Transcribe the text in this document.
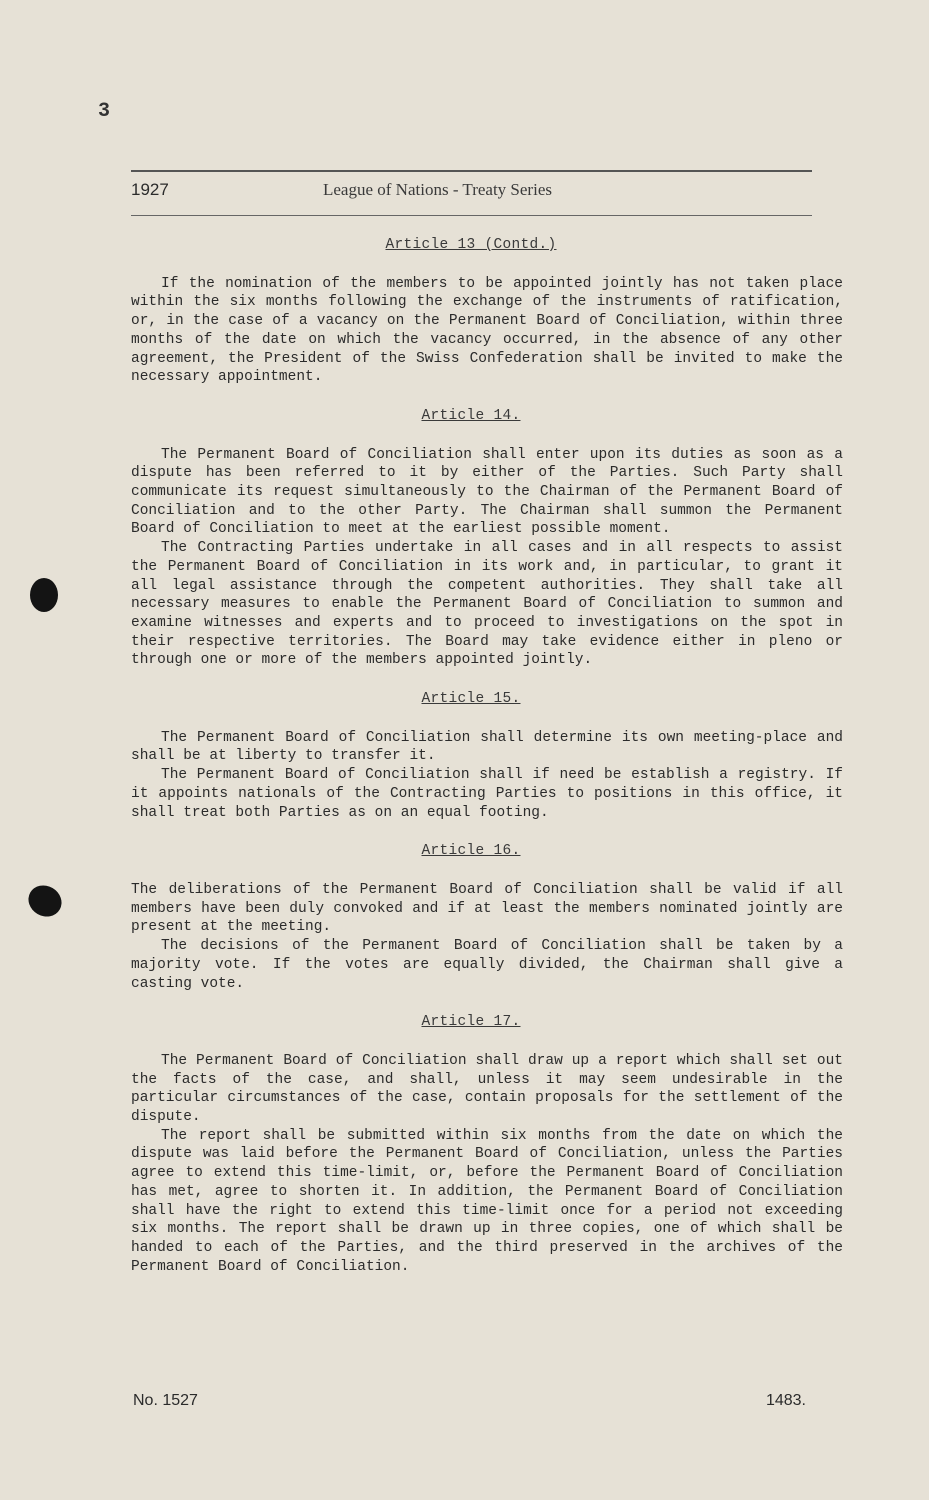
3
1927	League of Nations - Treaty Series
Article 13 (Contd.)

If the nomination of the members to be appointed jointly has not taken place within the six months following the exchange of the instruments of ratification, or, in the case of a vacancy on the Permanent Board of Conciliation, within three months of the date on which the vacancy occurred, in the absence of any other agreement, the President of the Swiss Confederation shall be invited to make the necessary appointment.

Article 14.

The Permanent Board of Conciliation shall enter upon its duties as soon as a dispute has been referred to it by either of the Parties. Such Party shall communicate its request simultaneously to the Chairman of the Permanent Board of Conciliation and to the other Party. The Chairman shall summon the Permanent Board of Conciliation to meet at the earliest possible moment.

The Contracting Parties undertake in all cases and in all respects to assist the Permanent Board of Conciliation in its work and, in particular, to grant it all legal assistance through the competent authorities. They shall take all necessary measures to enable the Permanent Board of Conciliation to summon and examine witnesses and experts and to proceed to investigations on the spot in their respective territories. The Board may take evidence either in pleno or through one or more of the members appointed jointly.

Article 15.

The Permanent Board of Conciliation shall determine its own meeting-place and shall be at liberty to transfer it.

The Permanent Board of Conciliation shall if need be establish a registry. If it appoints nationals of the Contracting Parties to positions in this office, it shall treat both Parties as on an equal footing.

Article 16.

The deliberations of the Permanent Board of Conciliation shall be valid if all members have been duly convoked and if at least the members nominated jointly are present at the meeting.

The decisions of the Permanent Board of Conciliation shall be taken by a majority vote. If the votes are equally divided, the Chairman shall give a casting vote.

Article 17.

The Permanent Board of Conciliation shall draw up a report which shall set out the facts of the case, and shall, unless it may seem undesirable in the particular circumstances of the case, contain proposals for the settlement of the dispute.

The report shall be submitted within six months from the date on which the dispute was laid before the Permanent Board of Conciliation, unless the Parties agree to extend this time-limit, or, before the Permanent Board of Conciliation has met, agree to shorten it. In addition, the Permanent Board of Conciliation shall have the right to extend this time-limit once for a period not exceeding six months. The report shall be drawn up in three copies, one of which shall be handed to each of the Parties, and the third preserved in the archives of the Permanent Board of Conciliation.

No. 1527	1483.
